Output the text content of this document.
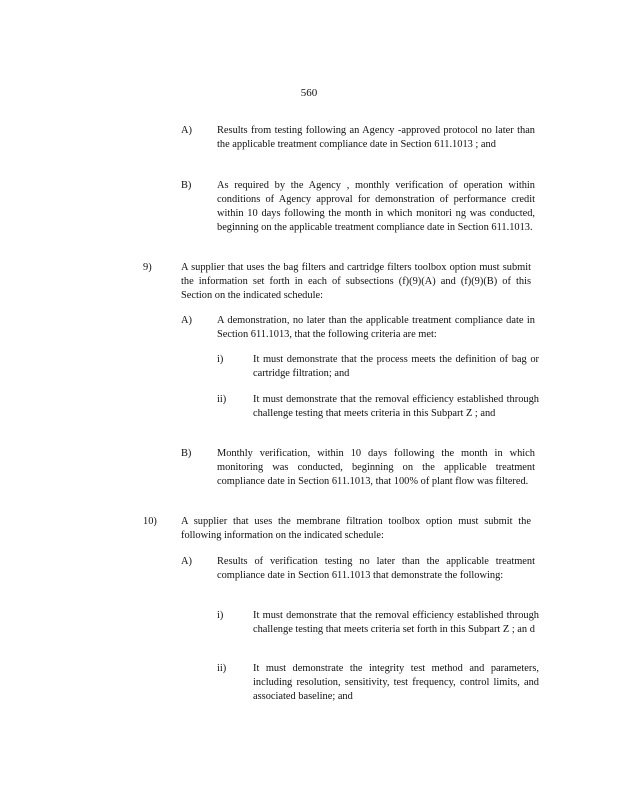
560
A) Results from testing following an Agency -approved protocol no later than the applicable treatment compliance date in Section 611.1013 ; and
B) As required by the Agency , monthly verification of operation within conditions of Agency approval for demonstration of performance credit within 10 days following the month in which monitori ng was conducted, beginning on the applicable treatment compliance date in Section 611.1013.
9)	A supplier that uses the bag filters and cartridge filters toolbox option must submit the information set forth in each of subsections (f)(9)(A) and (f)(9)(B) of this Section on the indicated schedule:
A) A demonstration, no later than the applicable treatment compliance date in Section 611.1013, that the following criteria are met:
i)	It must demonstrate that the process meets the definition of bag or cartridge filtration; and
ii)	It must demonstrate that the removal efficiency established through challenge testing that meets criteria in this Subpart Z ; and
B) Monthly verification, within 10 days following the month in which monitoring was conducted, beginning on the applicable treatment compliance date in Section 611.1013, that 100% of plant flow was filtered.
10) A supplier that uses the membrane filtration toolbox option must submit the following information on the indicated schedule:
A) Results of verification testing no later than the applicable treatment compliance date in Section 611.1013 that demonstrate the following:
i)	It must demonstrate that the removal efficiency established through challenge testing that meets criteria set forth in this Subpart Z ; an d
ii)	It must demonstrate the integrity test method and parameters, including resolution, sensitivity, test frequency, control limits, and associated baseline; and
